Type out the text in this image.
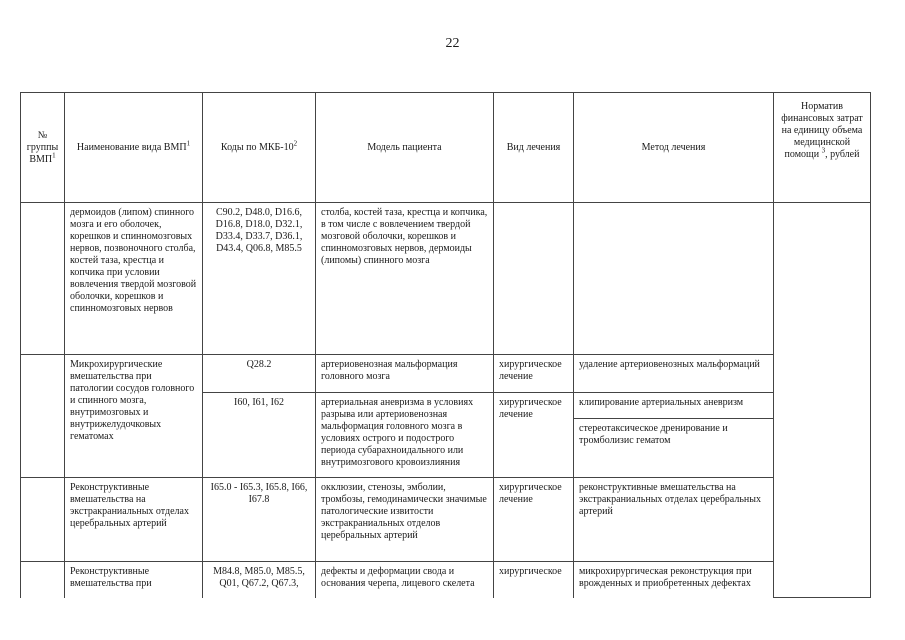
22
№ группы ВМП$^1$	Наименование вида ВМП$^1$	Коды по МКБ-$10^2$	Модель пациента	Вид лечения	Метод лечения	Норматив финансовых затрат на единицу объема медицинской помощи $^3$, рублей
	дермоидов (липом) спинного мозга и его оболочек, корешков и спинномозговых нервов, позвоночного столба, костей таза, крестца и копчика при условии вовлечения твердой мозговой оболочки, корешков и спинномозговых нервов	C90.2, D48.0, D16.6, D16.8, D18.0, D32.1, D33.4, D33.7, D36.1, D43.4, Q06.8, M85.5	столба, костей таза, крестца и копчика, в том числе с вовлечением твердой мозговой оболочки, корешков и спинномозговых нервов, дермоиды (липомы) спинного мозга			
	Микрохирургические вмешательства при патологии сосудов головного и спинного мозга, внутримозговых и внутрижелудочковых гематомах	Q28.2	артериовенозная мальформация головного мозга	хирургическое лечение	удаление артериовенозных мальформаций	
		I60, I61, I62	артериальная аневризма в условиях разрыва или артериовенозная мальформация головного мозга в условиях острого и подострого периода субарахноидального или внутримозгового кровоизлияния	хирургическое лечение	клипирование артериальных аневризм	
					стереотаксическое дренирование и тромболизис гематом	
	Реконструктивные вмешательства на экстракраниальных отделах церебральных артерий	I65.0 - I65.3, I65.8, I66, I67.8	окклюзии, стенозы, эмболии, тромбозы, гемодинамически значимые патологические извитости экстракраниальных отделов церебральных артерий	хирургическое лечение	реконструктивные вмешательства на экстракраниальных отделах церебральных артерий	
	Реконструктивные вмешательства при	M84.8, M85.0, M85.5, Q01, Q67.2, Q67.3,	дефекты и деформации свода и основания черепа, лицевого скелета	хирургическое	микрохирургическая реконструкция при врожденных и приобретенных дефектах	
